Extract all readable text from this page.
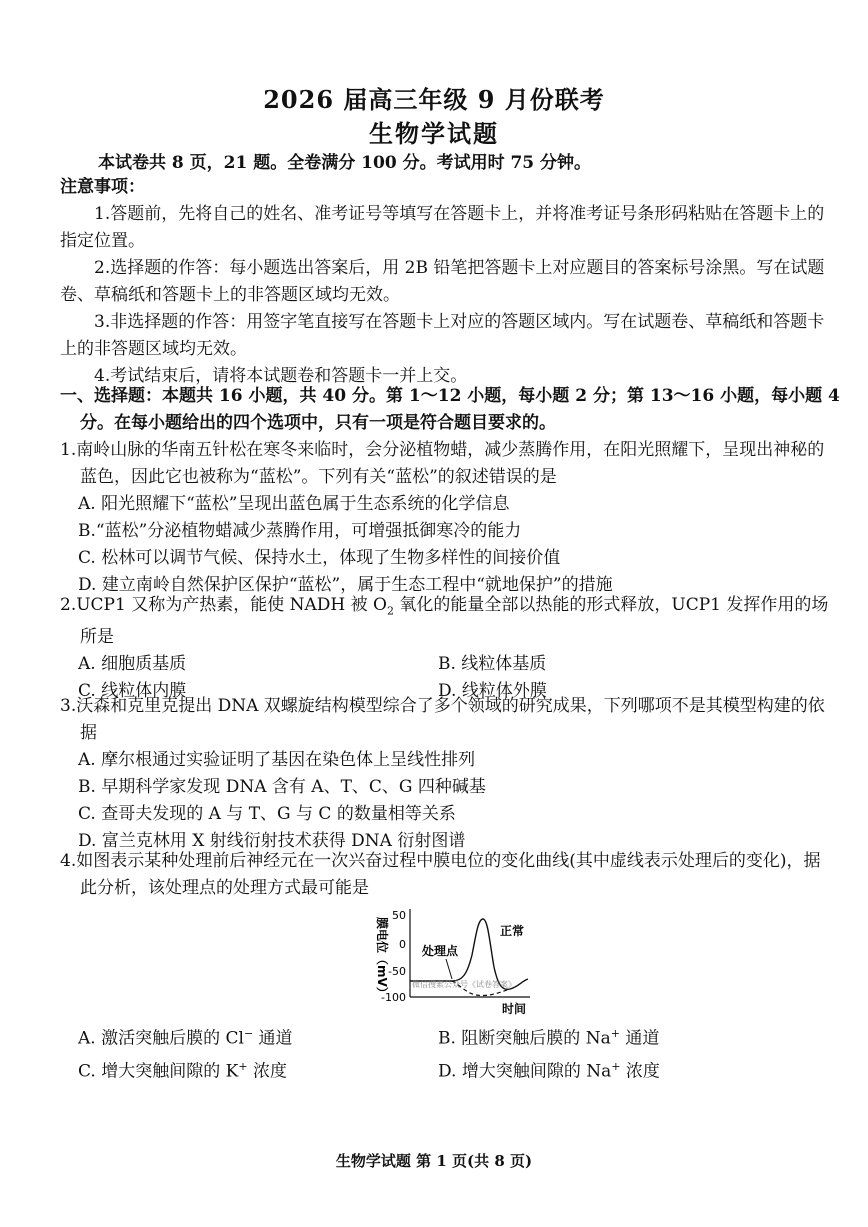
2026 届高三年级 9 月份联考
生物学试题
本试卷共 8 页，21 题。全卷满分 100 分。考试用时 75 分钟。
注意事项：
1.答题前，先将自己的姓名、准考证号等填写在答题卡上，并将准考证号条形码粘贴在答题卡上的指定位置。
2.选择题的作答：每小题选出答案后，用 2B 铅笔把答题卡上对应题目的答案标号涂黑。写在试题卷、草稿纸和答题卡上的非答题区域均无效。
3.非选择题的作答：用签字笔直接写在答题卡上对应的答题区域内。写在试题卷、草稿纸和答题卡上的非答题区域均无效。
4.考试结束后，请将本试题卷和答题卡一并上交。
一、选择题：本题共 16 小题，共 40 分。第 1～12 小题，每小题 2 分；第 13～16 小题，每小题 4 分。在每小题给出的四个选项中，只有一项是符合题目要求的。
1.南岭山脉的华南五针松在寒冬来临时，会分泌植物蜡，减少蒸腾作用，在阳光照耀下，呈现出神秘的蓝色，因此它也被称为“蓝松”。下列有关“蓝松”的叙述错误的是
A. 阳光照耀下“蓝松”呈现出蓝色属于生态系统的化学信息
B.“蓝松”分泌植物蜡减少蒸腾作用，可增强抵御寒冷的能力
C. 松林可以调节气候、保持水土，体现了生物多样性的间接价值
D. 建立南岭自然保护区保护“蓝松”，属于生态工程中“就地保护”的措施
2.UCP1 又称为产热素，能使 NADH 被 $O_2$ 氧化的能量全部以热能的形式释放，UCP1 发挥作用的场所是
A. 细胞质基质	B. 线粒体基质
C. 线粒体内膜	D. 线粒体外膜
3.沃森和克里克提出 DNA 双螺旋结构模型综合了多个领域的研究成果，下列哪项不是其模型构建的依据
A. 摩尔根通过实验证明了基因在染色体上呈线性排列
B. 早期科学家发现 DNA 含有 A、T、C、G 四种碱基
C. 查哥夫发现的 A 与 T、G 与 C 的数量相等关系
D. 富兰克林用 X 射线衍射技术获得 DNA 衍射图谱
4.如图表示某种处理前后神经元在一次兴奋过程中膜电位的变化曲线(其中虚线表示处理后的变化)，据此分析，该处理点的处理方式最可能是
膜电位（mV）
50
0
-50
-100
正常
处理点
微信搜索公众号《试卷答案》
时间
A. 激活突触后膜的 Cl− 通道	B. 阻断突触后膜的 Na+ 通道
C. 增大突触间隙的 K+ 浓度	D. 增大突触间隙的 Na+ 浓度
生物学试题 第 1 页(共 8 页)
